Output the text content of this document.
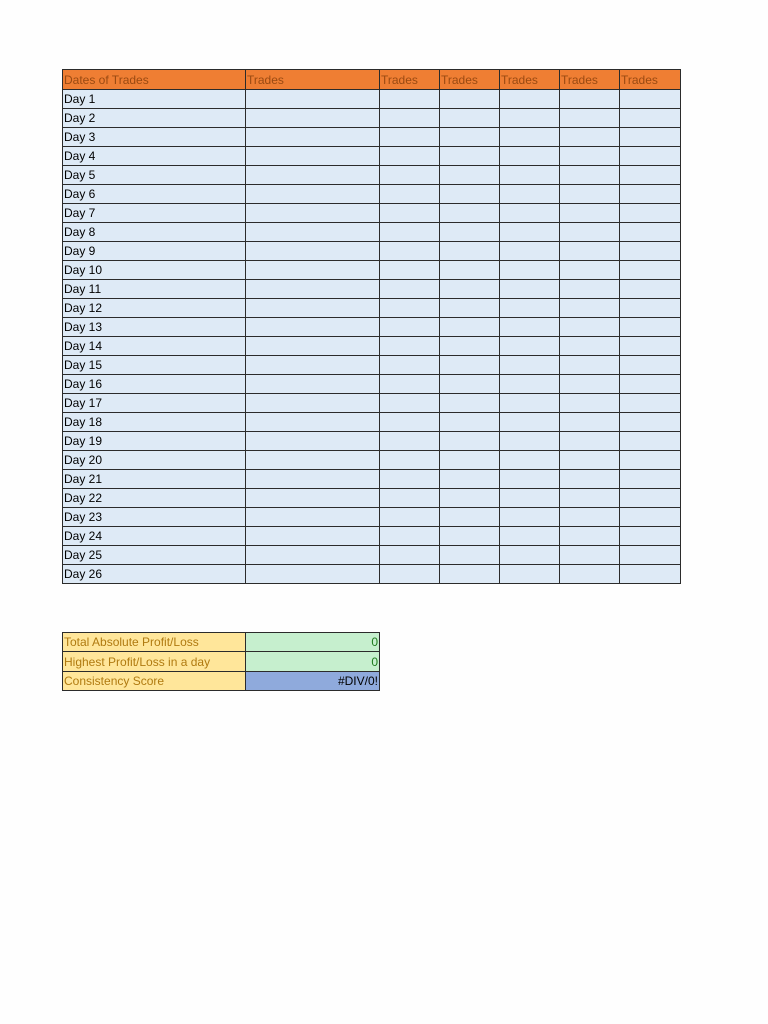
Dates of Trades	Trades	Trades	Trades	Trades	Trades	Trades
Day 1						
Day 2						
Day 3						
Day 4						
Day 5						
Day 6						
Day 7						
Day 8						
Day 9						
Day 10						
Day 11						
Day 12						
Day 13						
Day 14						
Day 15						
Day 16						
Day 17						
Day 18						
Day 19						
Day 20						
Day 21						
Day 22						
Day 23						
Day 24						
Day 25						
Day 26						
Total Absolute Profit/Loss	0
Highest Profit/Loss in a day	0
Consistency Score	#DIV/0!
